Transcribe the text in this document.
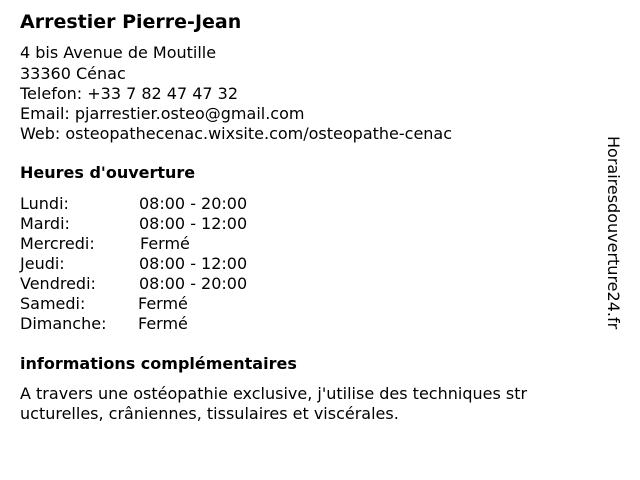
Arrestier Pierre-Jean
4 bis Avenue de Moutille
33360 Cénac
Telefon: +33 7 82 47 47 32
Email: pjarrestier.osteo@gmail.com
Web: osteopathecenac.wixsite.com/osteopathe-cenac
Heures d'ouverture
Lundi:	08:00 - 20:00
Mardi:	08:00 - 12:00
Mercredi:	Fermé
Jeudi:	08:00 - 12:00
Vendredi:	08:00 - 20:00
Samedi:	Fermé
Dimanche: Fermé
informations complémentaires
A travers une ostéopathie exclusive, j'utilise des techniques str
ucturelles, crâniennes, tissulaires et viscérales.
Horairesdouverture24.fr
